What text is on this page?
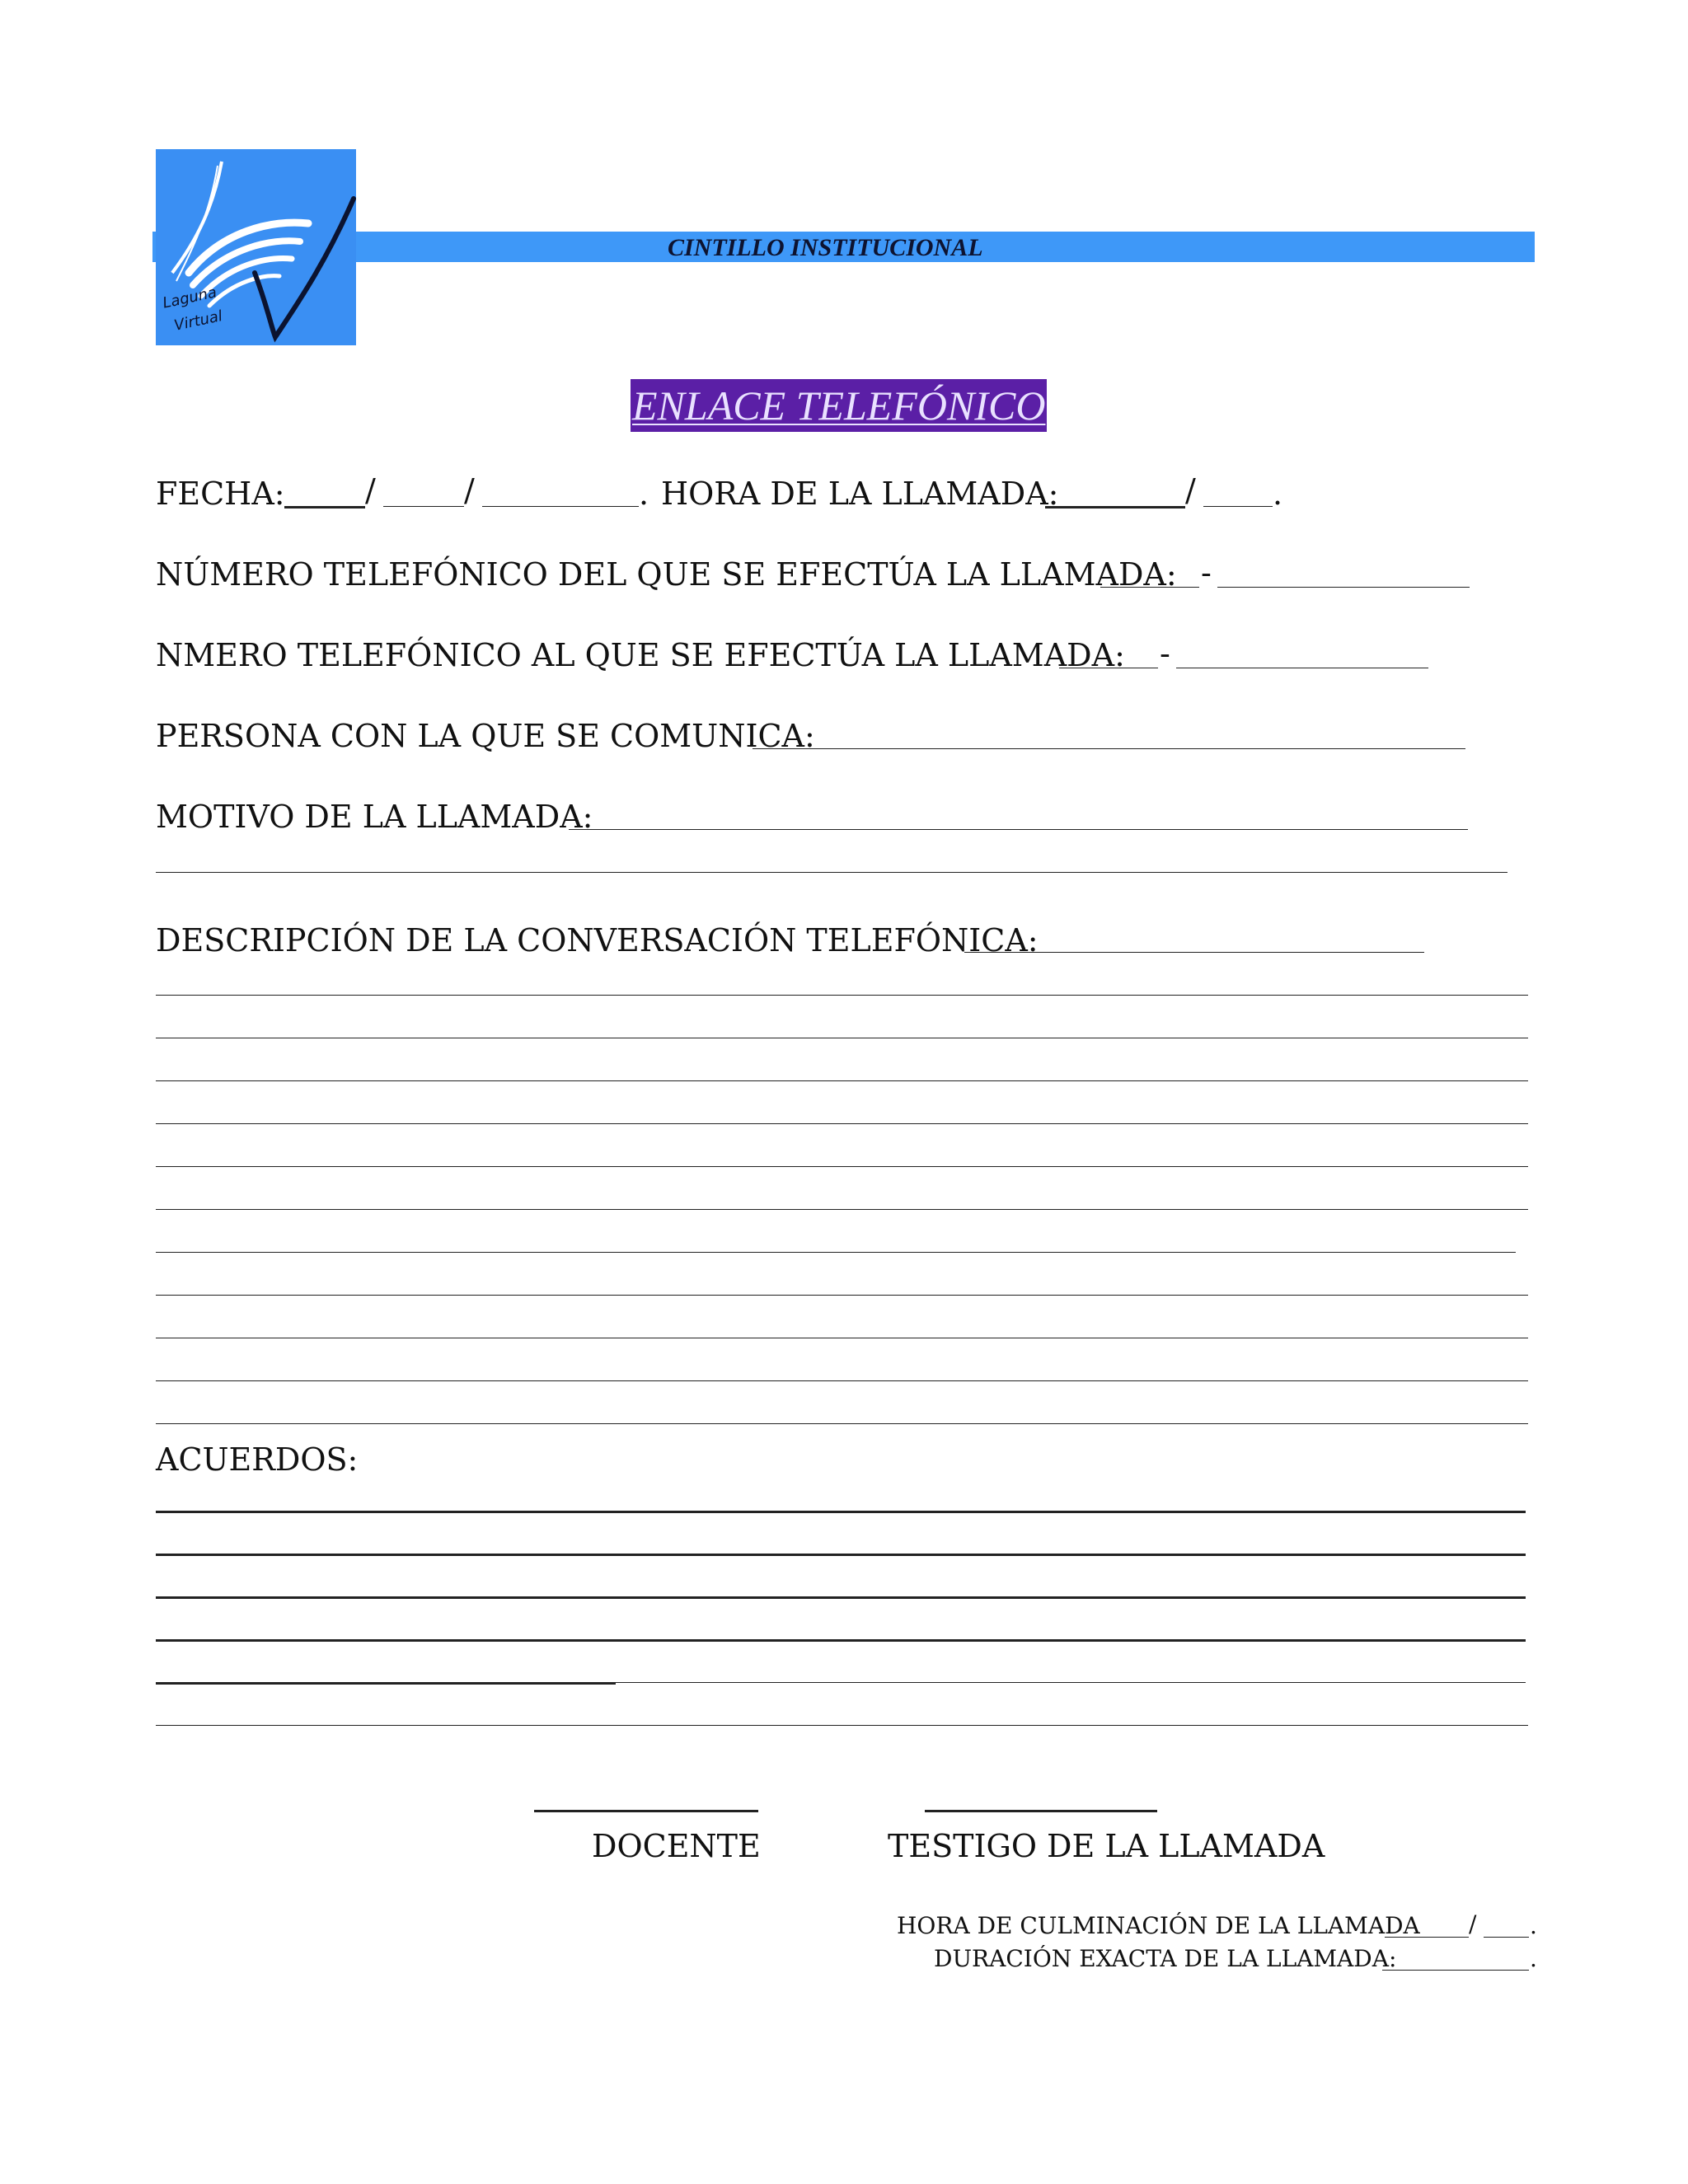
CINTILLO INSTITUCIONAL
Laguna
Virtual
ENLACE TELEFÓNICO
FECHA:	/	/	. HORA DE LA LLAMADA:	/ .
NÚMERO TELEFÓNICO DEL QUE SE EFECTÚA LA LLAMADA: -
NMERO TELEFÓNICO AL QUE SE EFECTÚA LA LLAMADA: -
PERSONA CON LA QUE SE COMUNICA:
MOTIVO DE LA LLAMADA:
DESCRIPCIÓN DE LA CONVERSACIÓN TELEFÓNICA:
ACUERDOS:
DOCENTE	TESTIGO DE LA LLAMADA
HORA DE CULMINACIÓN DE LA LLAMADA / .
DURACIÓN EXACTA DE LA LLAMADA:	.
